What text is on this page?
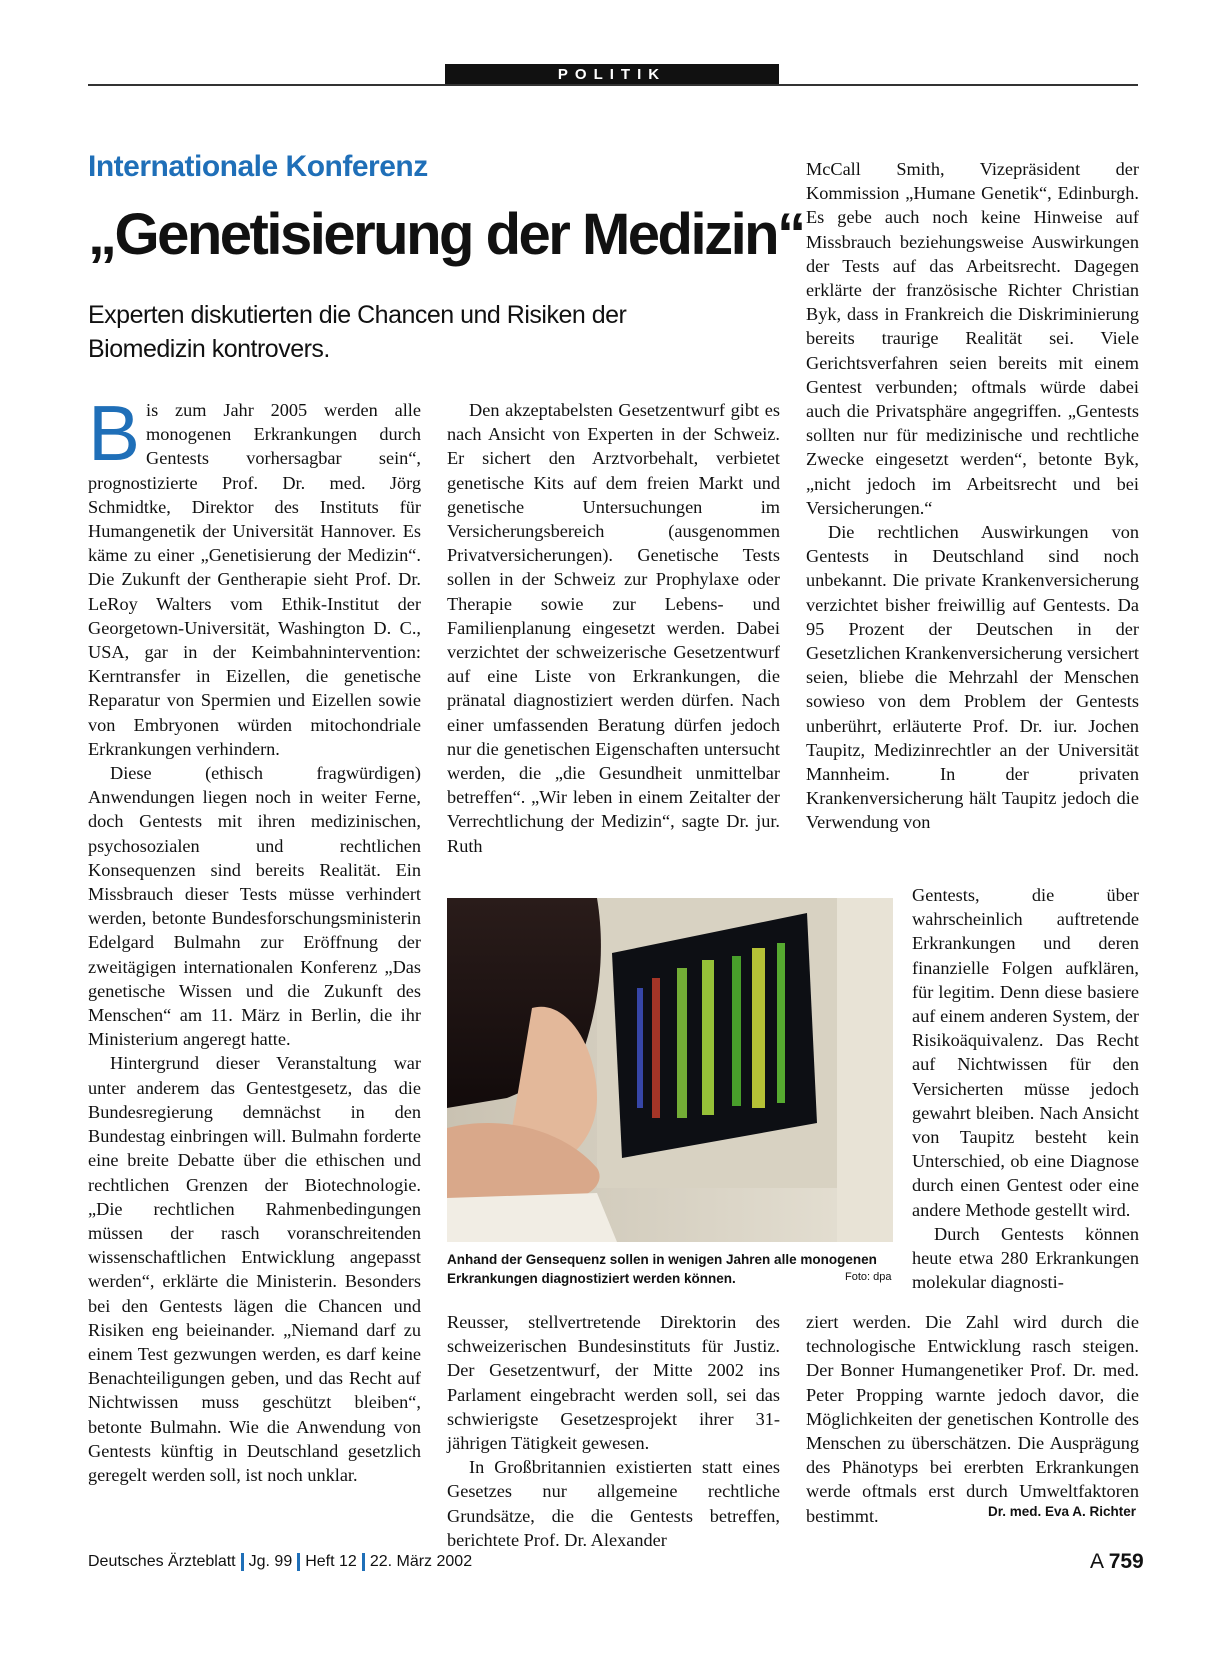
POLITIK
Internationale Konferenz
„Genetisierung der Medizin“
Experten diskutierten die Chancen und Risiken der Biomedizin kontrovers.

Bis zum Jahr 2005 werden alle monogenen Erkrankungen durch Gentests vorhersagbar sein“, prognostizierte Prof. Dr. med. Jörg Schmidtke, Direktor des Instituts für Humangenetik der Universität Hannover. Es käme zu einer „Genetisierung der Medizin“. Die Zukunft der Gentherapie sieht Prof. Dr. LeRoy Walters vom Ethik-Institut der Georgetown-Universität, Washington D. C., USA, gar in der Keimbahnintervention: Kerntransfer in Eizellen, die genetische Reparatur von Spermien und Eizellen sowie von Embryonen würden mitochondriale Erkrankungen verhindern.

Diese (ethisch fragwürdigen) Anwendungen liegen noch in weiter Ferne, doch Gentests mit ihren medizinischen, psychosozialen und rechtlichen Konsequenzen sind bereits Realität. Ein Missbrauch dieser Tests müsse verhindert werden, betonte Bundesforschungsministerin Edelgard Bulmahn zur Eröffnung der zweitägigen internationalen Konferenz „Das genetische Wissen und die Zukunft des Menschen“ am 11. März in Berlin, die ihr Ministerium angeregt hatte.

Hintergrund dieser Veranstaltung war unter anderem das Gentestgesetz, das die Bundesregierung demnächst in den Bundestag einbringen will. Bulmahn forderte eine breite Debatte über die ethischen und rechtlichen Grenzen der Biotechnologie. „Die rechtlichen Rahmenbedingungen müssen der rasch voranschreitenden wissenschaftlichen Entwicklung angepasst werden“, erklärte die Ministerin. Besonders bei den Gentests lägen die Chancen und Risiken eng beieinander. „Niemand darf zu einem Test gezwungen werden, es darf keine Benachteiligungen geben, und das Recht auf Nichtwissen muss geschützt bleiben“, betonte Bulmahn. Wie die Anwendung von Gentests künftig in Deutschland gesetzlich geregelt werden soll, ist noch unklar.

Den akzeptabelsten Gesetzentwurf gibt es nach Ansicht von Experten in der Schweiz. Er sichert den Arztvorbehalt, verbietet genetische Kits auf dem freien Markt und genetische Untersuchungen im Versicherungsbereich (ausgenommen Privatversicherungen). Genetische Tests sollen in der Schweiz zur Prophylaxe oder Therapie sowie zur Lebens- und Familienplanung eingesetzt werden. Dabei verzichtet der schweizerische Gesetzentwurf auf eine Liste von Erkrankungen, die pränatal diagnostiziert werden dürfen. Nach einer umfassenden Beratung dürfen jedoch nur die genetischen Eigenschaften untersucht werden, die „die Gesundheit unmittelbar betreffen“. „Wir leben in einem Zeitalter der Verrechtlichung der Medizin“, sagte Dr. jur. Ruth

Anhand der Gensequenz sollen in wenigen Jahren alle monogenen Erkrankungen diagnostiziert werden können.	Foto: dpa

Reusser, stellvertretende Direktorin des schweizerischen Bundesinstituts für Justiz. Der Gesetzentwurf, der Mitte 2002 ins Parlament eingebracht werden soll, sei das schwierigste Gesetzesprojekt ihrer 31-jährigen Tätigkeit gewesen.

In Großbritannien existierten statt eines Gesetzes nur allgemeine rechtliche Grundsätze, die die Gentests betreffen, berichtete Prof. Dr. Alexander

McCall Smith, Vizepräsident der Kommission „Humane Genetik“, Edinburgh. Es gebe auch noch keine Hinweise auf Missbrauch beziehungsweise Auswirkungen der Tests auf das Arbeitsrecht. Dagegen erklärte der französische Richter Christian Byk, dass in Frankreich die Diskriminierung bereits traurige Realität sei. Viele Gerichtsverfahren seien bereits mit einem Gentest verbunden; oftmals würde dabei auch die Privatsphäre angegriffen. „Gentests sollten nur für medizinische und rechtliche Zwecke eingesetzt werden“, betonte Byk, „nicht jedoch im Arbeitsrecht und bei Versicherungen.“

Die rechtlichen Auswirkungen von Gentests in Deutschland sind noch unbekannt. Die private Krankenversicherung verzichtet bisher freiwillig auf Gentests. Da 95 Prozent der Deutschen in der Gesetzlichen Krankenversicherung versichert seien, bliebe die Mehrzahl der Menschen sowieso von dem Problem der Gentests unberührt, erläuterte Prof. Dr. iur. Jochen Taupitz, Medizinrechtler an der Universität Mannheim. In der privaten Krankenversicherung hält Taupitz jedoch die Verwendung von

Gentests, die über wahrscheinlich auftretende Erkrankungen und deren finanzielle Folgen aufklären, für legitim. Denn diese basiere auf einem anderen System, der Risikoäquivalenz. Das Recht auf Nichtwissen für den Versicherten müsse jedoch gewahrt bleiben. Nach Ansicht von Taupitz besteht kein Unterschied, ob eine Diagnose durch einen Gentest oder eine andere Methode gestellt wird.

Durch Gentests können heute etwa 280 Erkrankungen molekular diagnosti-

ziert werden. Die Zahl wird durch die technologische Entwicklung rasch steigen. Der Bonner Humangenetiker Prof. Dr. med. Peter Propping warnte jedoch davor, die Möglichkeiten der genetischen Kontrolle des Menschen zu überschätzen. Die Ausprägung des Phänotyps bei ererbten Erkrankungen werde oftmals erst durch Umweltfaktoren bestimmt.	Dr. med. Eva A. Richter
Deutsches Ärzteblatt Jg. 99 Heft 12 22. März 2002	A 759
